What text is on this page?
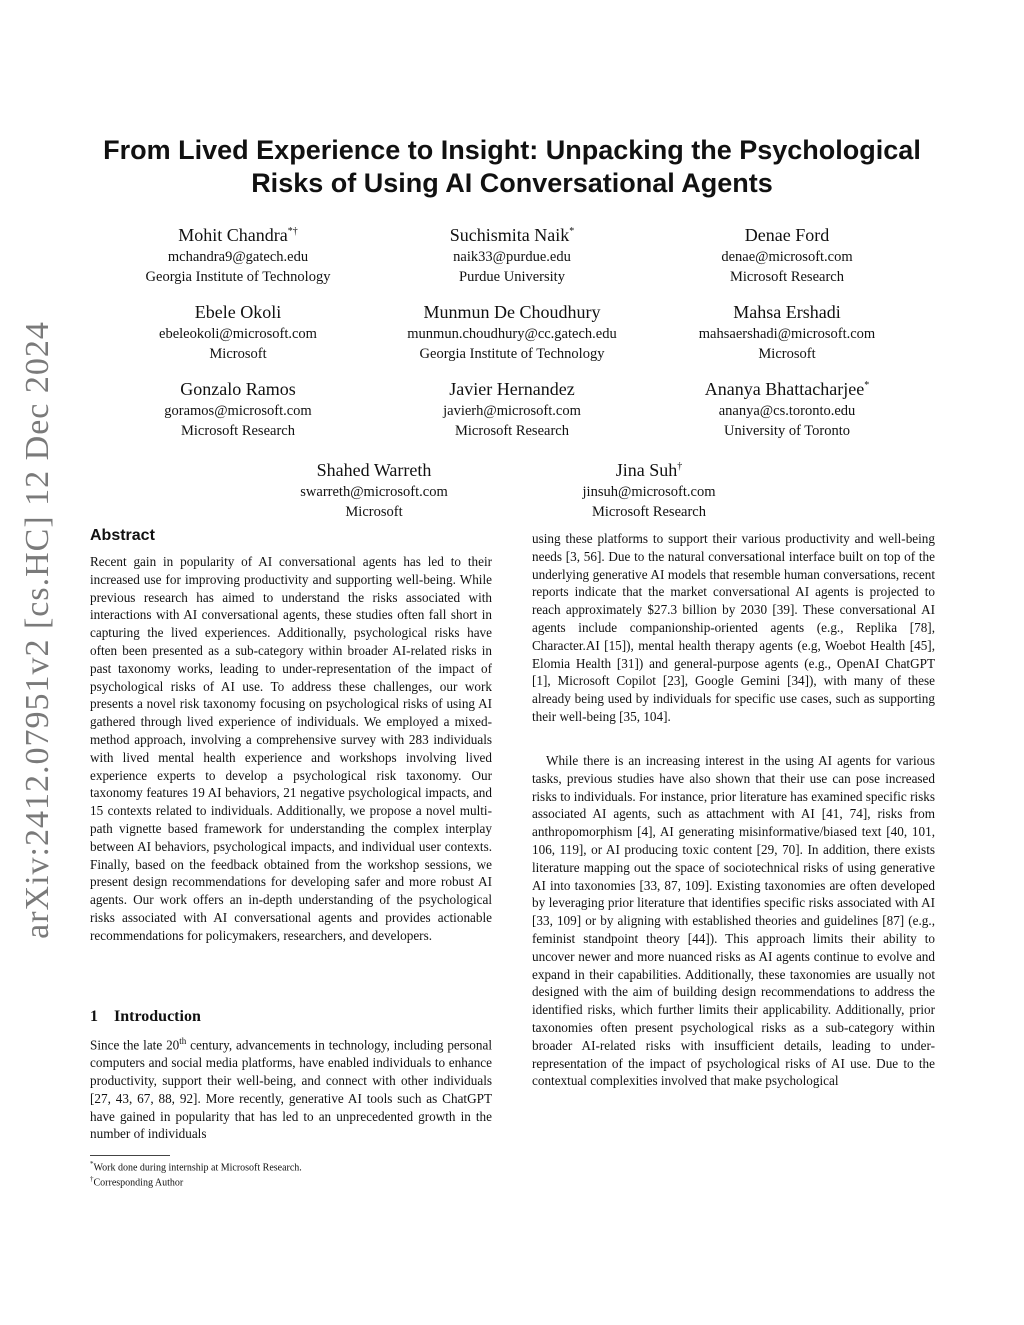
arXiv:2412.07951v2 [cs.HC] 12 Dec 2024
From Lived Experience to Insight: Unpacking the Psychological
Risks of Using AI Conversational Agents
Mohit Chandra*†
mchandra9@gatech.edu
Georgia Institute of Technology
Suchismita Naik*
naik33@purdue.edu
Purdue University
Denae Ford
denae@microsoft.com
Microsoft Research
Ebele Okoli
ebeleokoli@microsoft.com
Microsoft
Munmun De Choudhury
munmun.choudhury@cc.gatech.edu
Georgia Institute of Technology
Mahsa Ershadi
mahsaershadi@microsoft.com
Microsoft
Gonzalo Ramos
goramos@microsoft.com
Microsoft Research
Javier Hernandez
javierh@microsoft.com
Microsoft Research
Ananya Bhattacharjee*
ananya@cs.toronto.edu
University of Toronto
Shahed Warreth
swarreth@microsoft.com
Microsoft
Jina Suh†
jinsuh@microsoft.com
Microsoft Research
Abstract

Recent gain in popularity of AI conversational agents has led to their increased use for improving productivity and supporting well-being. While previous research has aimed to understand the risks associated with interactions with AI conversational agents, these studies often fall short in capturing the lived experiences. Additionally, psychological risks have often been presented as a sub-category within broader AI-related risks in past taxonomy works, leading to under-representation of the impact of psychological risks of AI use. To address these challenges, our work presents a novel risk taxonomy focusing on psychological risks of using AI gathered through lived experience of individuals. We employed a mixed-method approach, involving a comprehensive survey with 283 individuals with lived mental health experience and workshops involving lived experience experts to develop a psychological risk taxonomy. Our taxonomy features 19 AI behaviors, 21 negative psychological impacts, and 15 contexts related to individuals. Additionally, we propose a novel multi-path vignette based framework for understanding the complex interplay between AI behaviors, psychological impacts, and individual user contexts. Finally, based on the feedback obtained from the workshop sessions, we present design recommendations for developing safer and more robust AI agents. Our work offers an in-depth understanding of the psychological risks associated with AI conversational agents and provides actionable recommendations for policymakers, researchers, and developers.

1 Introduction

Since the late 20th century, advancements in technology, including personal computers and social media platforms, have enabled individuals to enhance productivity, support their well-being, and connect with other individuals [27, 43, 67, 88, 92]. More recently, generative AI tools such as ChatGPT have gained in popularity that has led to an unprecedented growth in the number of individuals

*Work done during internship at Microsoft Research.
†Corresponding Author

using these platforms to support their various productivity and well-being needs [3, 56]. Due to the natural conversational interface built on top of the underlying generative AI models that resemble human conversations, recent reports indicate that the market conversational AI agents is projected to reach approximately $27.3 billion by 2030 [39]. These conversational AI agents include companionship-oriented agents (e.g., Replika [78], Character.AI [15]), mental health therapy agents (e.g, Woebot Health [45], Elomia Health [31]) and general-purpose agents (e.g., OpenAI ChatGPT [1], Microsoft Copilot [23], Google Gemini [34]), with many of these already being used by individuals for specific use cases, such as supporting their well-being [35, 104].

While there is an increasing interest in the using AI agents for various tasks, previous studies have also shown that their use can pose increased risks to individuals. For instance, prior literature has examined specific risks associated AI agents, such as attachment with AI [41, 74], risks from anthropomorphism [4], AI generating misinformative/biased text [40, 101, 106, 119], or AI producing toxic content [29, 70]. In addition, there exists literature mapping out the space of sociotechnical risks of using generative AI into taxonomies [33, 87, 109]. Existing taxonomies are often developed by leveraging prior literature that identifies specific risks associated with AI [33, 109] or by aligning with established theories and guidelines [87] (e.g., feminist standpoint theory [44]). This approach limits their ability to uncover newer and more nuanced risks as AI agents continue to evolve and expand in their capabilities. Additionally, these taxonomies are usually not designed with the aim of building design recommendations to address the identified risks, which further limits their applicability. Additionally, prior taxonomies often present psychological risks as a sub-category within broader AI-related risks with insufficient details, leading to under-representation of the impact of psychological risks of AI use. Due to the contextual complexities involved that make psychological
